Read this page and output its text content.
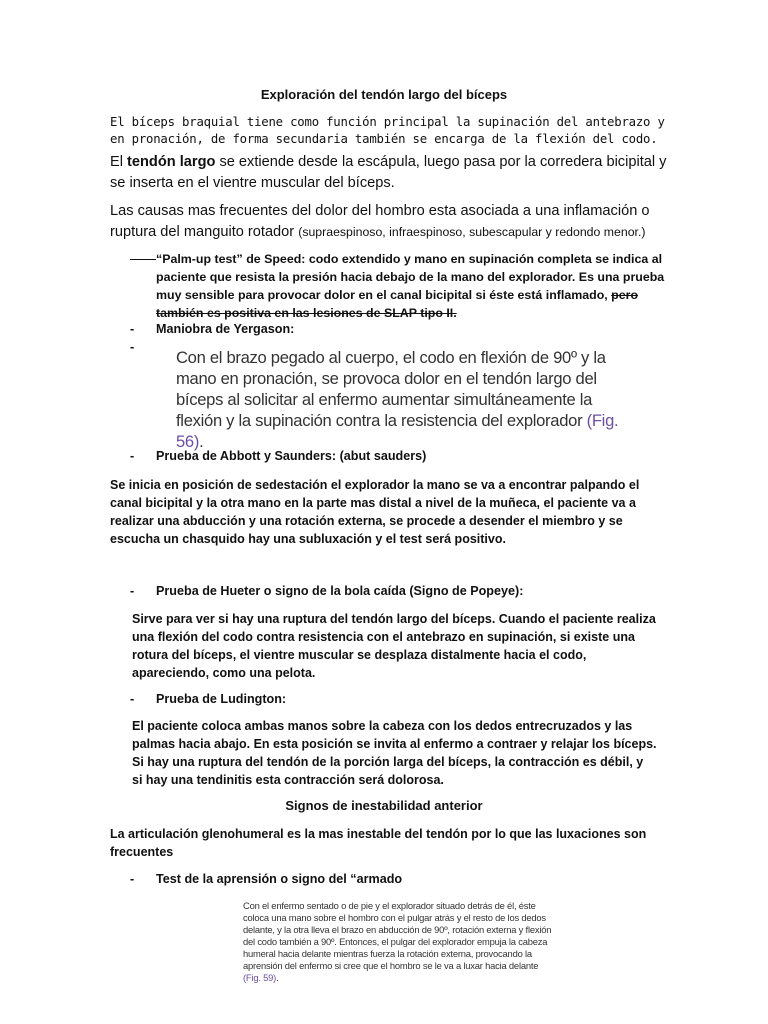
Exploración del tendón largo del bíceps
El bíceps braquial tiene como función principal la supinación del antebrazo y en pronación, de forma secundaria también se encarga de la flexión del codo.
El tendón largo se extiende desde la escápula, luego pasa por la corredera bicipital y se inserta en el vientre muscular del bíceps.
Las causas mas frecuentes del dolor del hombro esta asociada a una inflamación o ruptura del manguito rotador (supraespinoso, infraespinoso, subescapular y redondo menor.)
“Palm-up test” de Speed: codo extendido y mano en supinación completa se indica al
paciente que resista la presión hacia debajo de la mano del explorador. Es una prueba
muy sensible para provocar dolor en el canal bicipital si éste está inflamado, pero
también es positiva en las lesiones de SLAP tipo II.
- Maniobra de Yergason:
-
Con el brazo pegado al cuerpo, el codo en flexión de 90º y la mano en pronación, se provoca dolor en el tendón largo del bíceps al solicitar al enfermo aumentar simultáneamente la flexión y la supinación contra la resistencia del explorador (Fig. 56).
- Prueba de Abbott y Saunders: (abut sauders)
Se inicia en posición de sedestación el explorador la mano se va a encontrar palpando el canal bicipital y la otra mano en la parte mas distal a nivel de la muñeca, el paciente va a realizar una abducción y una rotación externa, se procede a desender el miembro y se escucha un chasquido hay una subluxación y el test será positivo.
- Prueba de Hueter o signo de la bola caída (Signo de Popeye):
Sirve para ver si hay una ruptura del tendón largo del bíceps. Cuando el paciente realiza una flexión del codo contra resistencia con el antebrazo en supinación, si existe una rotura del bíceps, el vientre muscular se desplaza distalmente hacia el codo, apareciendo, como una pelota.
- Prueba de Ludington:
El paciente coloca ambas manos sobre la cabeza con los dedos entrecruzados y las palmas hacia abajo. En esta posición se invita al enfermo a contraer y relajar los bíceps. Si hay una ruptura del tendón de la porción larga del bíceps, la contracción es débil, y si hay una tendinitis esta contracción será dolorosa.
Signos de inestabilidad anterior
La articulación glenohumeral es la mas inestable del tendón por lo que las luxaciones son frecuentes
- Test de la aprensión o signo del “armado
Con el enfermo sentado o de pie y el explorador situado detrás de él, éste coloca una mano sobre el hombro con el pulgar atrás y el resto de los dedos delante, y la otra lleva el brazo en abducción de 90º, rotación externa y flexión del codo también a 90º. Entonces, el pulgar del explorador empuja la cabeza humeral hacia delante mientras fuerza la rotación externa, provocando la aprensión del enfermo si cree que el hombro se le va a luxar hacia delante (Fig. 59).
